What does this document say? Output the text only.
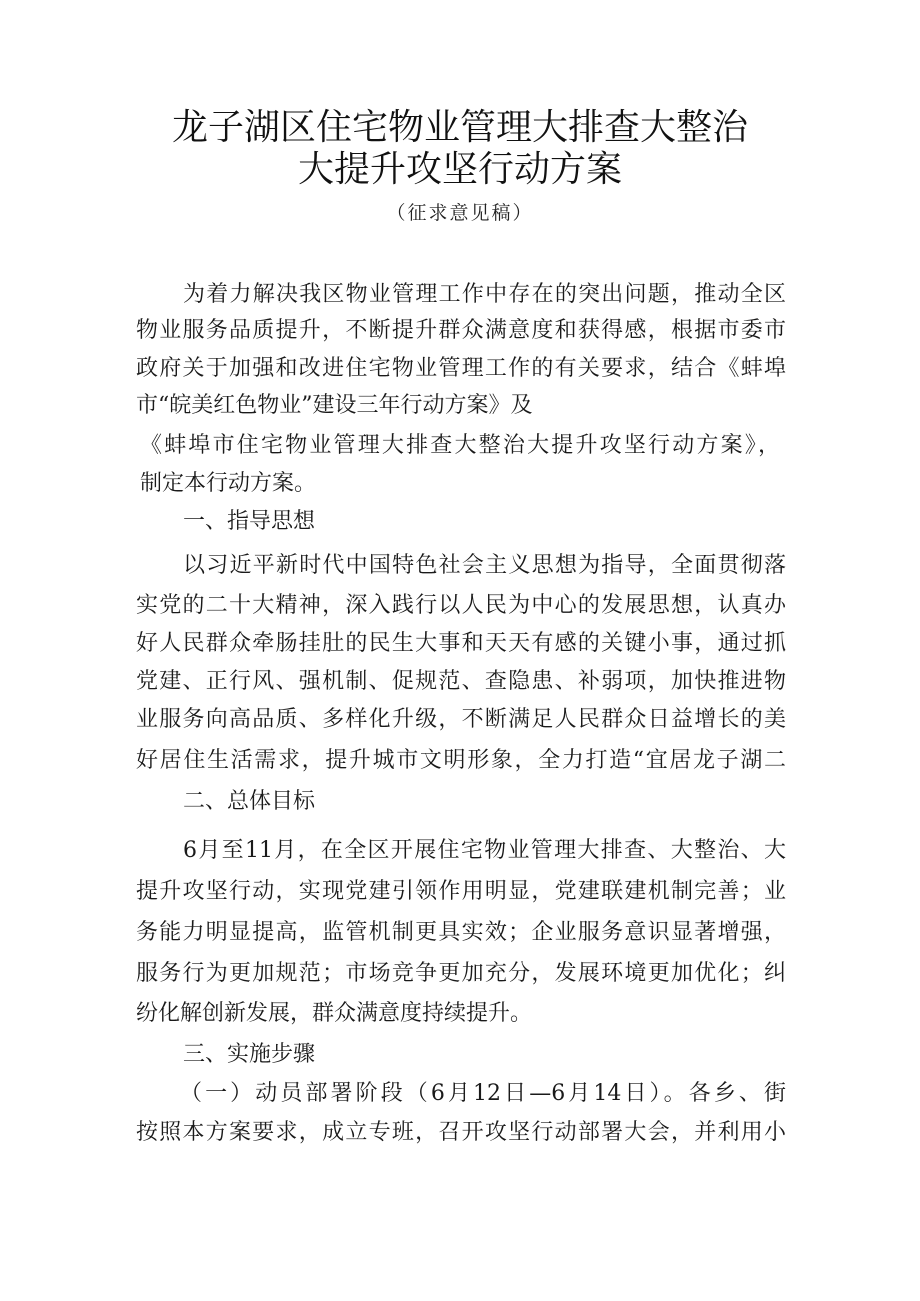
龙子湖区住宅物业管理大排查大整治
大提升攻坚行动方案
（征求意见稿）
为着力解决我区物业管理工作中存在的突出问题，推动全区
物业服务品质提升，不断提升群众满意度和获得感，根据市委市
政府关于加强和改进住宅物业管理工作的有关要求，结合《蚌埠
市“皖美红色物业”建设三年行动方案》及
《蚌埠市住宅物业管理大排查大整治大提升攻坚行动方案》，
制定本行动方案。
一、指导思想
以习近平新时代中国特色社会主义思想为指导，全面贯彻落
实党的二十大精神，深入践行以人民为中心的发展思想，认真办
好人民群众牵肠挂肚的民生大事和天天有感的关键小事，通过抓
党建、正行风、强机制、促规范、查隐患、补弱项，加快推进物
业服务向高品质、多样化升级，不断满足人民群众日益增长的美
好居住生活需求，提升城市文明形象，全力打造“宜居龙子湖二
二、总体目标
6月至11月，在全区开展住宅物业管理大排查、大整治、大
提升攻坚行动，实现党建引领作用明显，党建联建机制完善；业
务能力明显提高，监管机制更具实效；企业服务意识显著增强，
服务行为更加规范；市场竞争更加充分，发展环境更加优化；纠
纷化解创新发展，群众满意度持续提升。
三、实施步骤
（一）动员部署阶段（6月12日—6月14日）。各乡、街
按照本方案要求，成立专班，召开攻坚行动部署大会，并利用小
